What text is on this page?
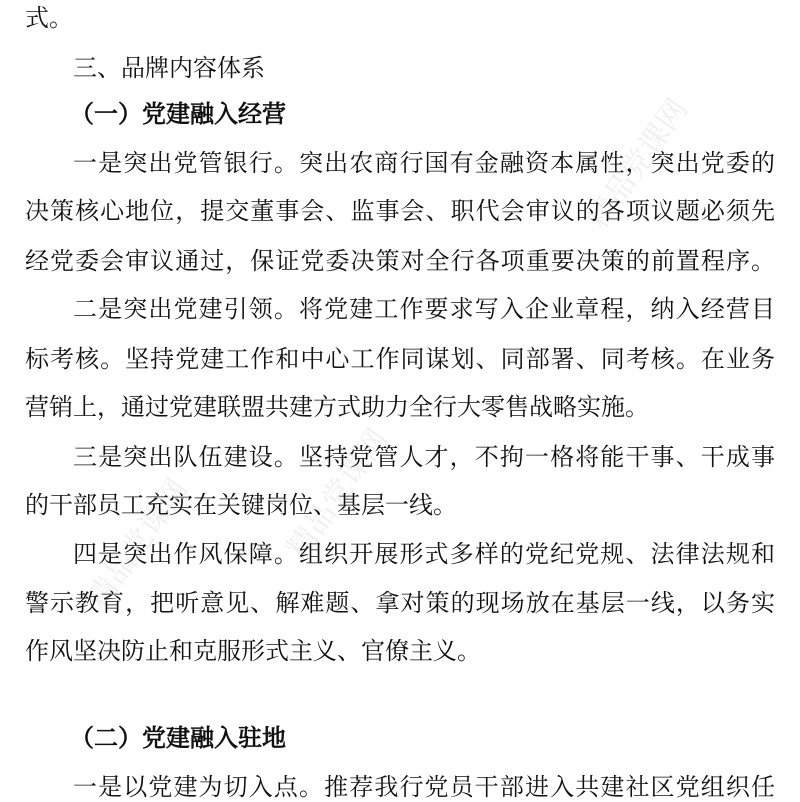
精品党课网
精品党课网	精品党课网
式。
三、品牌内容体系
（一）党建融入经营
一是突出党管银行。突出农商行国有金融资本属性，突出党委的
决策核心地位，提交董事会、监事会、职代会审议的各项议题必须先
经党委会审议通过，保证党委决策对全行各项重要决策的前置程序。
二是突出党建引领。将党建工作要求写入企业章程，纳入经营目
标考核。坚持党建工作和中心工作同谋划、同部署、同考核。在业务
营销上，通过党建联盟共建方式助力全行大零售战略实施。
三是突出队伍建设。坚持党管人才，不拘一格将能干事、干成事
的干部员工充实在关键岗位、基层一线。
四是突出作风保障。组织开展形式多样的党纪党规、法律法规和
警示教育，把听意见、解难题、拿对策的现场放在基层一线，以务实
作风坚决防止和克服形式主义、官僚主义。
（二）党建融入驻地
一是以党建为切入点。推荐我行党员干部进入共建社区党组织任
